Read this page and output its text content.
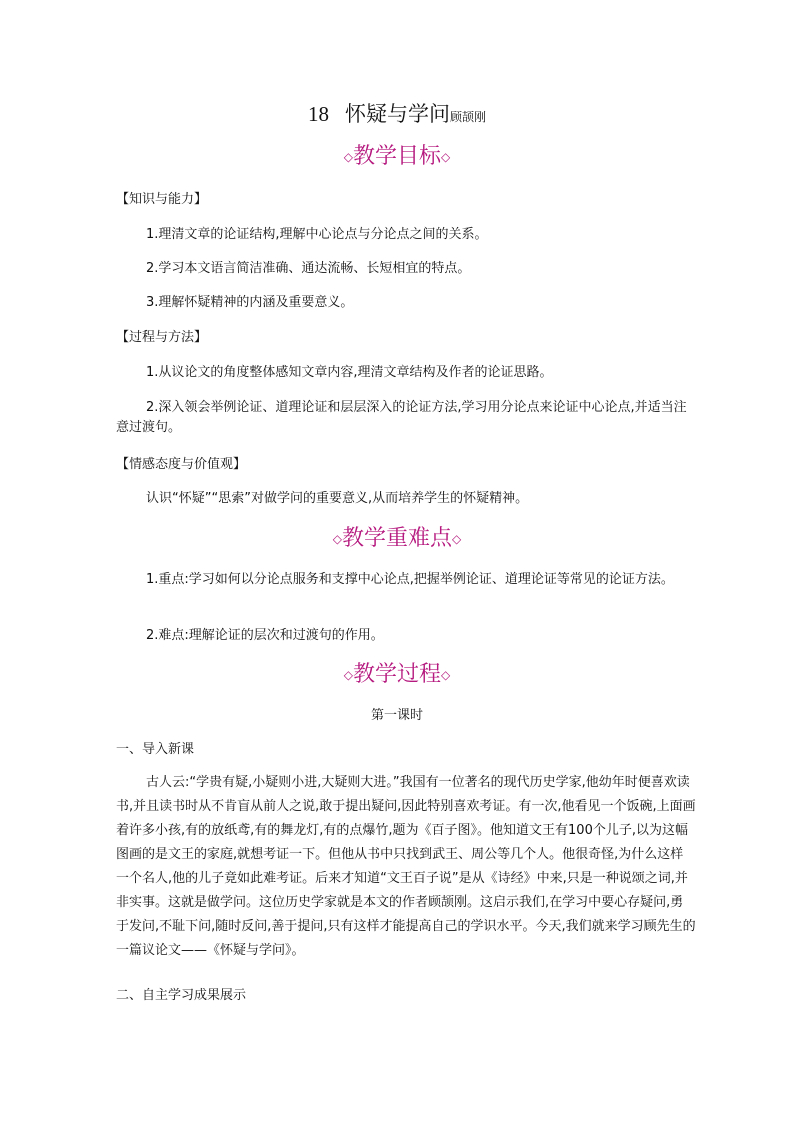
18 怀疑与学问顾颉刚
◇教学目标◇
【知识与能力】
1.理清文章的论证结构,理解中心论点与分论点之间的关系。
2.学习本文语言简洁准确、通达流畅、长短相宜的特点。
3.理解怀疑精神的内涵及重要意义。
【过程与方法】
1.从议论文的角度整体感知文章内容,理清文章结构及作者的论证思路。
2.深入领会举例论证、道理论证和层层深入的论证方法,学习用分论点来论证中心论点,并适当注意过渡句。
【情感态度与价值观】
认识“怀疑”“思索”对做学问的重要意义,从而培养学生的怀疑精神。
◇教学重难点◇
1.重点:学习如何以分论点服务和支撑中心论点,把握举例论证、道理论证等常见的论证方法。
2.难点:理解论证的层次和过渡句的作用。
◇教学过程◇
第一课时
一、导入新课
古人云:“学贵有疑,小疑则小进,大疑则大进。”我国有一位著名的现代历史学家,他幼年时便喜欢读书,并且读书时从不肯盲从前人之说,敢于提出疑问,因此特别喜欢考证。有一次,他看见一个饭碗,上面画着许多小孩,有的放纸鸢,有的舞龙灯,有的点爆竹,题为《百子图》。他知道文王有100个儿子,以为这幅图画的是文王的家庭,就想考证一下。但他从书中只找到武王、周公等几个人。他很奇怪,为什么这样一个名人,他的儿子竟如此难考证。后来才知道“文王百子说”是从《诗经》中来,只是一种说颂之词,并非实事。这就是做学问。这位历史学家就是本文的作者顾颉刚。这启示我们,在学习中要心存疑问,勇于发问,不耻下问,随时反问,善于提问,只有这样才能提高自己的学识水平。今天,我们就来学习顾先生的一篇议论文——《怀疑与学问》。
二、自主学习成果展示
